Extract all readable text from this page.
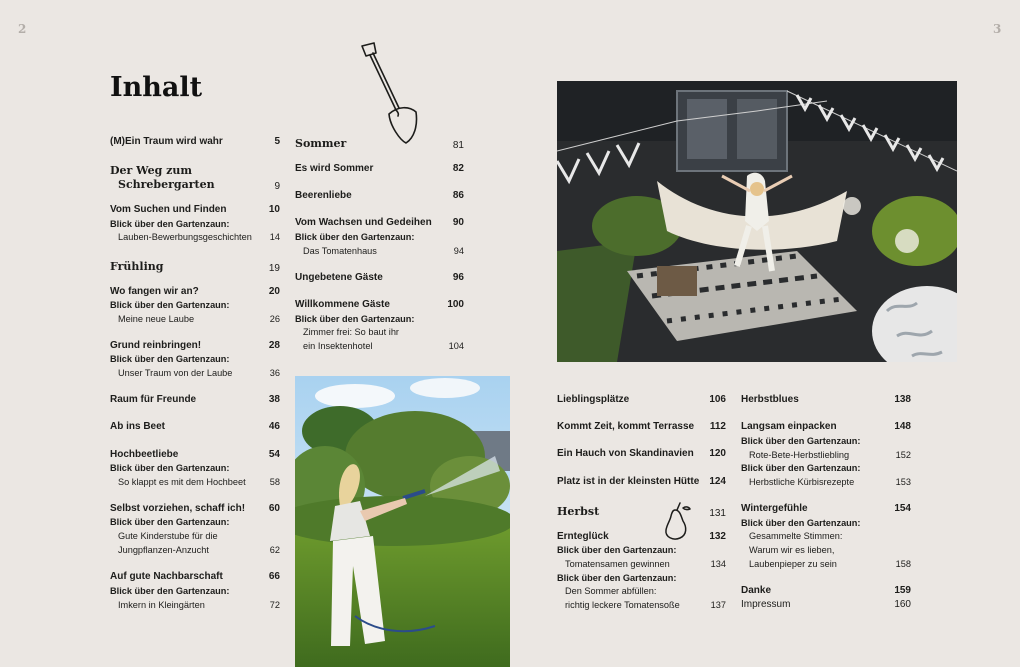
2	3
Inhalt
(M)Ein Traum wird wahr	5
Der Weg zum
Schrebergarten	9
Vom Suchen und Finden	10
Blick über den Gartenzaun:
Lauben-Bewerbungsgeschichten 14
Frühling	19
Wo fangen wir an?	20
Blick über den Gartenzaun:
Meine neue Laube	26
Grund reinbringen!	28
Blick über den Gartenzaun:
Unser Traum von der Laube	36
Raum für Freunde	38
Ab ins Beet	46
Hochbeetliebe	54
Blick über den Gartenzaun:
So klappt es mit dem Hochbeet	58
Selbst vorziehen, schaff ich! 60
Blick über den Gartenzaun:
Gute Kinderstube für die
Jungpflanzen-Anzucht	62
Auf gute Nachbarschaft	66
Blick über den Gartenzaun:
Imkern in Kleingärten	72
Sommer	81
Es wird Sommer	82
Beerenliebe	86
Vom Wachsen und Gedeihen 90
Blick über den Gartenzaun:
Das Tomatenhaus	94
Ungebetene Gäste	96
Willkommene Gäste	100
Blick über den Gartenzaun:
Zimmer frei: So baut ihr
ein Insektenhotel	104
Lieblingsplätze	106
Kommt Zeit, kommt Terrasse 112
Ein Hauch von Skandinavien 120
Platz ist in der kleinsten Hütte 124
Herbst	131
Ernteglück	132
Blick über den Gartenzaun:
Tomatensamen gewinnen	134
Blick über den Gartenzaun:
Den Sommer abfüllen:
richtig leckere Tomatensoße	137
Herbstblues	138
Langsam einpacken	148
Blick über den Gartenzaun:
Rote-Bete-Herbstliebling	152
Blick über den Gartenzaun:
Herbstliche Kürbisrezepte	153
Wintergefühle	154
Blick über den Gartenzaun:
Gesammelte Stimmen:
Warum wir es lieben,
Laubenpieper zu sein	158
Danke	159
Impressum	160
